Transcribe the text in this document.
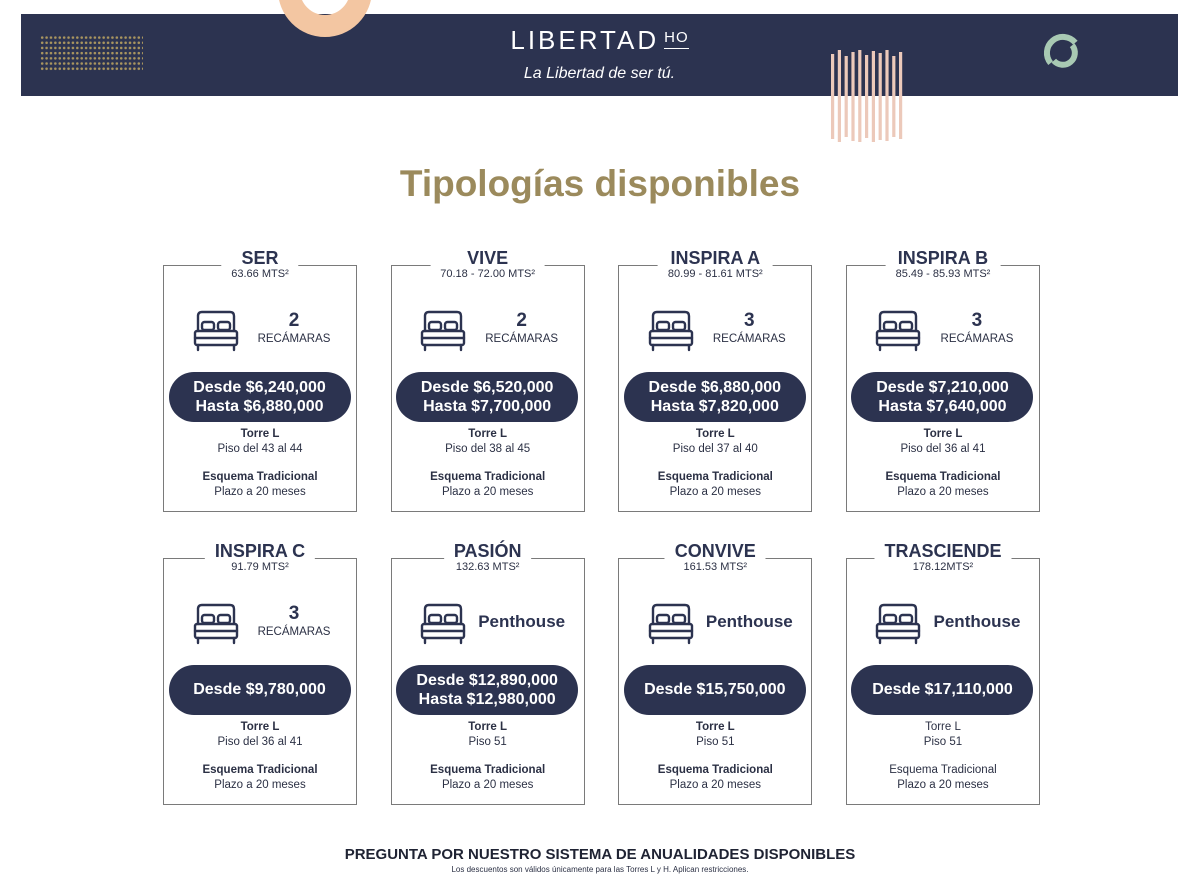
LIBERTAD HO
La Libertad de ser tú.
Tipologías disponibles
SER
63.66 MTS²
2
RECÁMARAS
Desde $6,240,000
Hasta $6,880,000
Torre L
Piso del 43 al 44
Esquema Tradicional
Plazo a 20 meses
VIVE
70.18 - 72.00 MTS²
2
RECÁMARAS
Desde $6,520,000
Hasta $7,700,000
Torre L
Piso del 38 al 45
Esquema Tradicional
Plazo a 20 meses
INSPIRA A
80.99 - 81.61 MTS²
3
RECÁMARAS
Desde $6,880,000
Hasta $7,820,000
Torre L
Piso del 37 al 40
Esquema Tradicional
Plazo a 20 meses
INSPIRA B
85.49 - 85.93 MTS²
3
RECÁMARAS
Desde $7,210,000
Hasta $7,640,000
Torre L
Piso del 36 al 41
Esquema Tradicional
Plazo a 20 meses
INSPIRA C
91.79 MTS²
3
RECÁMARAS
Desde $9,780,000
Torre L
Piso del 36 al 41
Esquema Tradicional
Plazo a 20 meses
PASIÓN
132.63 MTS²
Penthouse
Desde $12,890,000
Hasta $12,980,000
Torre L
Piso 51
Esquema Tradicional
Plazo a 20 meses
CONVIVE
161.53 MTS²
Penthouse
Desde $15,750,000
Torre L
Piso 51
Esquema Tradicional
Plazo a 20 meses
TRASCIENDE
178.12MTS²
Penthouse
Desde $17,110,000
Torre L
Piso 51
Esquema Tradicional
Plazo a 20 meses
PREGUNTA POR NUESTRO SISTEMA DE ANUALIDADES DISPONIBLES
Los descuentos son válidos únicamente para las Torres L y H. Aplican restricciones.
